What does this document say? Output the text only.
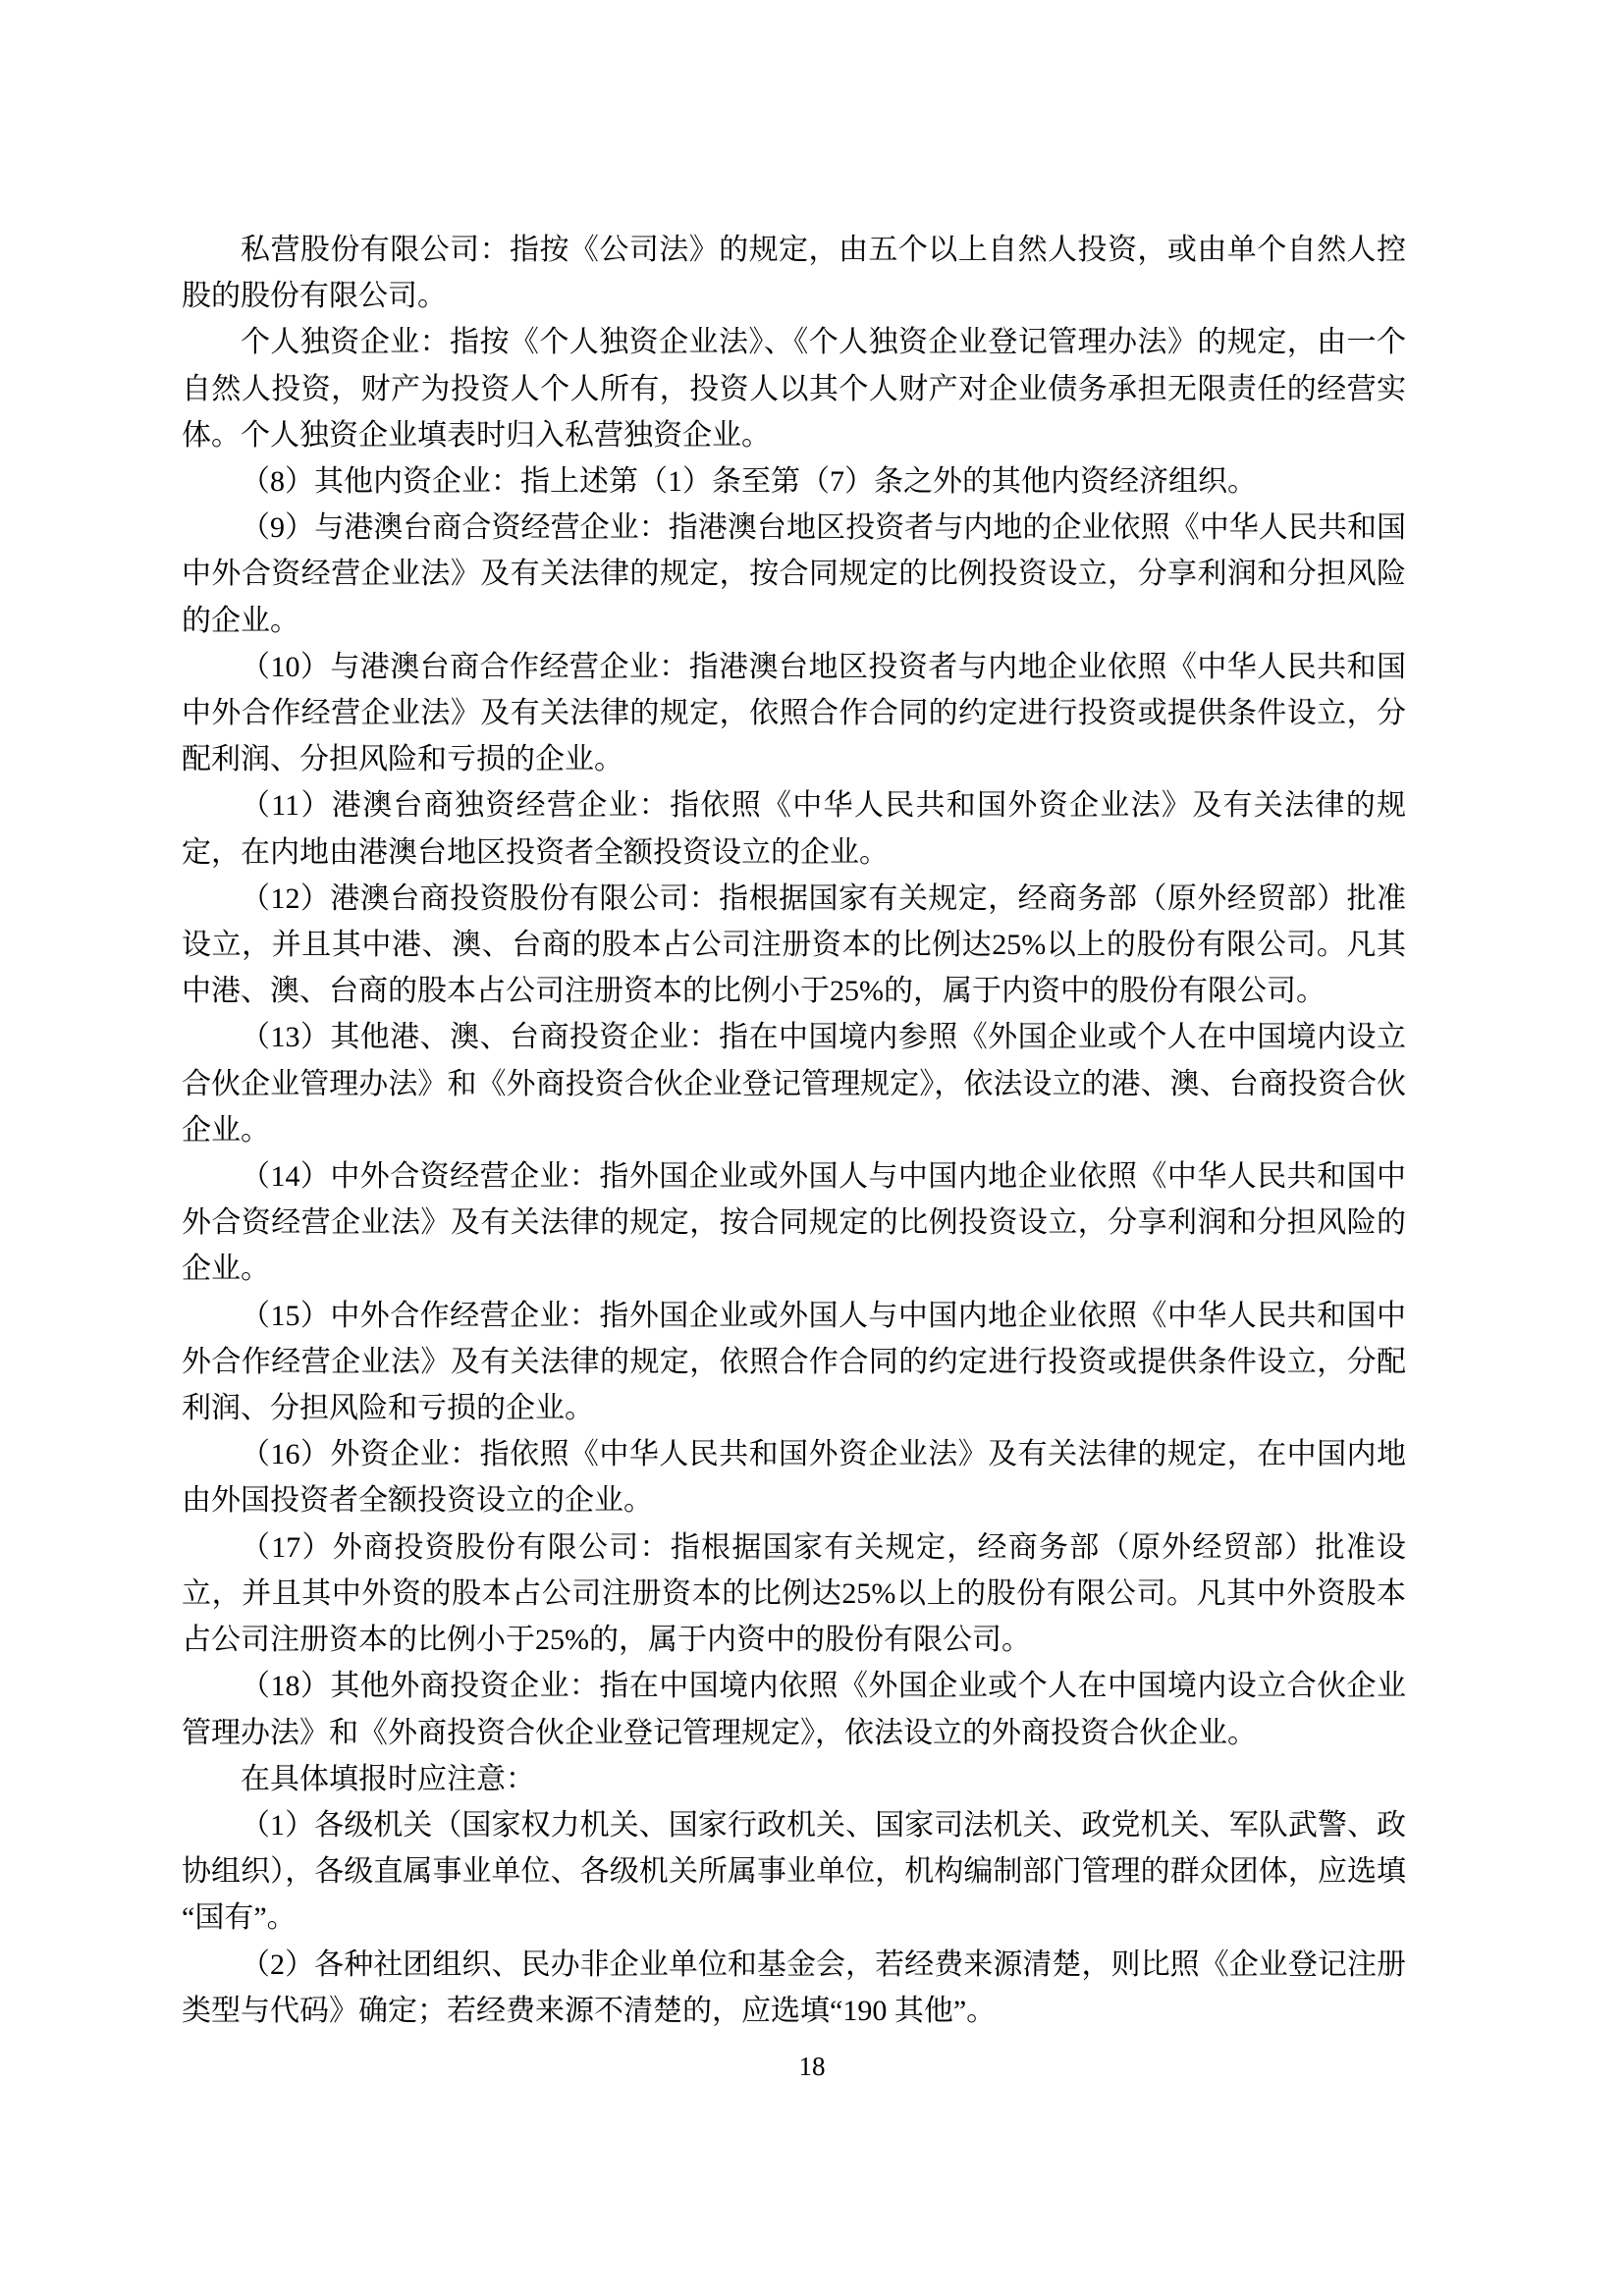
私营股份有限公司：指按《公司法》的规定，由五个以上自然人投资，或由单个自然人控股的股份有限公司。

个人独资企业：指按《个人独资企业法》、《个人独资企业登记管理办法》的规定，由一个自然人投资，财产为投资人个人所有，投资人以其个人财产对企业债务承担无限责任的经营实体。个人独资企业填表时归入私营独资企业。

（8）其他内资企业：指上述第（1）条至第（7）条之外的其他内资经济组织。

（9）与港澳台商合资经营企业：指港澳台地区投资者与内地的企业依照《中华人民共和国中外合资经营企业法》及有关法律的规定，按合同规定的比例投资设立，分享利润和分担风险的企业。

（10）与港澳台商合作经营企业：指港澳台地区投资者与内地企业依照《中华人民共和国中外合作经营企业法》及有关法律的规定，依照合作合同的约定进行投资或提供条件设立，分配利润、分担风险和亏损的企业。

（11）港澳台商独资经营企业：指依照《中华人民共和国外资企业法》及有关法律的规定，在内地由港澳台地区投资者全额投资设立的企业。

（12）港澳台商投资股份有限公司：指根据国家有关规定，经商务部（原外经贸部）批准设立，并且其中港、澳、台商的股本占公司注册资本的比例达25%以上的股份有限公司。凡其中港、澳、台商的股本占公司注册资本的比例小于25%的，属于内资中的股份有限公司。

（13）其他港、澳、台商投资企业：指在中国境内参照《外国企业或个人在中国境内设立合伙企业管理办法》和《外商投资合伙企业登记管理规定》，依法设立的港、澳、台商投资合伙企业。

（14）中外合资经营企业：指外国企业或外国人与中国内地企业依照《中华人民共和国中外合资经营企业法》及有关法律的规定，按合同规定的比例投资设立，分享利润和分担风险的企业。

（15）中外合作经营企业：指外国企业或外国人与中国内地企业依照《中华人民共和国中外合作经营企业法》及有关法律的规定，依照合作合同的约定进行投资或提供条件设立，分配利润、分担风险和亏损的企业。

（16）外资企业：指依照《中华人民共和国外资企业法》及有关法律的规定，在中国内地由外国投资者全额投资设立的企业。

（17）外商投资股份有限公司：指根据国家有关规定，经商务部（原外经贸部）批准设立，并且其中外资的股本占公司注册资本的比例达25%以上的股份有限公司。凡其中外资股本占公司注册资本的比例小于25%的，属于内资中的股份有限公司。

（18）其他外商投资企业：指在中国境内依照《外国企业或个人在中国境内设立合伙企业管理办法》和《外商投资合伙企业登记管理规定》，依法设立的外商投资合伙企业。

在具体填报时应注意：

（1）各级机关（国家权力机关、国家行政机关、国家司法机关、政党机关、军队武警、政协组织），各级直属事业单位、各级机关所属事业单位，机构编制部门管理的群众团体，应选填“国有”。

（2）各种社团组织、民办非企业单位和基金会，若经费来源清楚，则比照《企业登记注册类型与代码》确定；若经费来源不清楚的，应选填“190 其他”。

18
